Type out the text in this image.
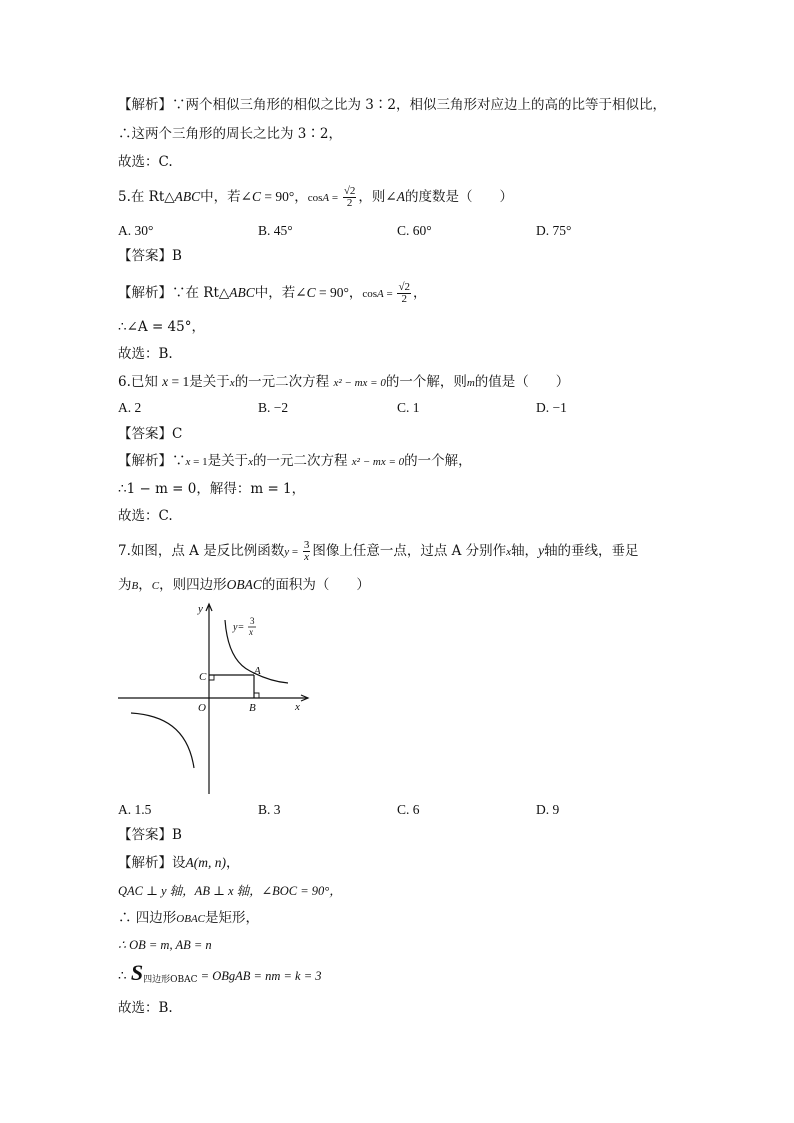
【解析】∵两个相似三角形的相似之比为 3∶2，相似三角形对应边上的高的比等于相似比，
∴这两个三角形的周长之比为 3∶2，
故选：C.
5.在 Rt△ABC中，若∠C = 90°，$\cos A = \frac{√2}{2}$ ，则∠A的度数是（　　）
A. 30°	B. 45°	C. 60°	D. 75°
【答案】B
【解析】∵在 Rt△ABC中，若∠C = 90°，$\cos A = \frac{√2}{2}$ ，
∴∠A = 45°，
故选：B.
6.已知 x = 1是关于x的一元二次方程 x² − mx = 0的一个解，则m的值是（　　）
A. 2	B. −2	C. 1	D. −1
【答案】C
【解析】∵x = 1是关于x的一元二次方程 x² − mx = 0的一个解，
∴1 − m = 0，解得：m = 1，
故选：C.
7.如图，点 A 是反比例函数$y = \frac{3}{x}$ 图像上任意一点，过点 A 分别作x轴，y轴的垂线，垂足
为B，C，则四边形OBAC的面积为（　　）
y
x
O
A
B
C
y=
3
x
A. 1.5	B. 3	C. 6	D. 9
【答案】B
【解析】设A(m, n)，
QAC ⊥ y 轴，AB ⊥ x 轴，∠BOC = 90°，
∴ 四边形OBAC是矩形，
∴ OB = m, AB = n
∴ $S_{四边形OBAC}$ = OBgAB = nm = k = 3
故选：B.
